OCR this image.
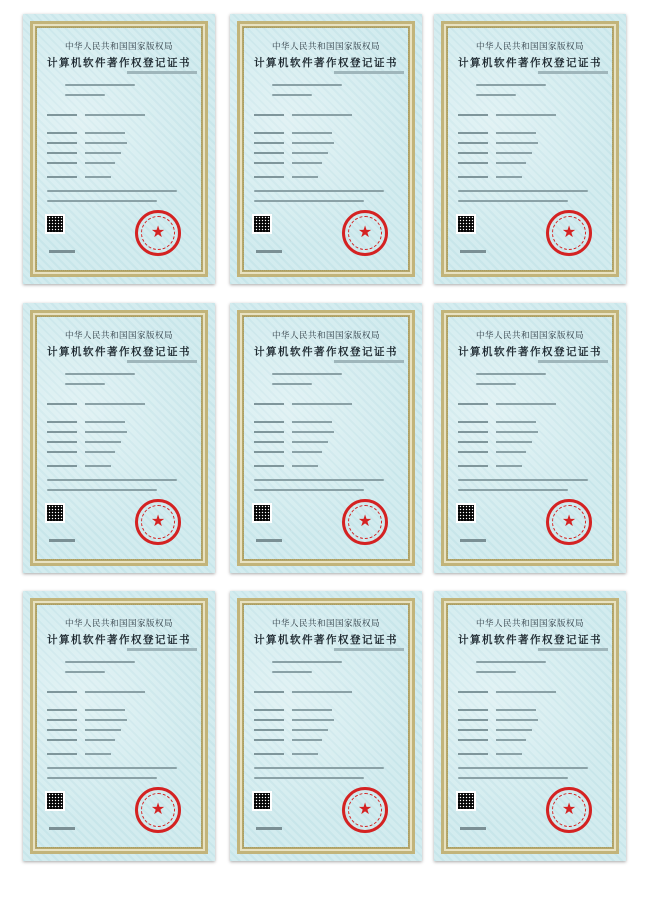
中华人民共和国国家版权局
计算机软件著作权登记证书
★
中华人民共和国国家版权局
计算机软件著作权登记证书
★
中华人民共和国国家版权局
计算机软件著作权登记证书
★
中华人民共和国国家版权局
计算机软件著作权登记证书
★
中华人民共和国国家版权局
计算机软件著作权登记证书
★
中华人民共和国国家版权局
计算机软件著作权登记证书
★
中华人民共和国国家版权局
计算机软件著作权登记证书
★
中华人民共和国国家版权局
计算机软件著作权登记证书
★
中华人民共和国国家版权局
计算机软件著作权登记证书
★
